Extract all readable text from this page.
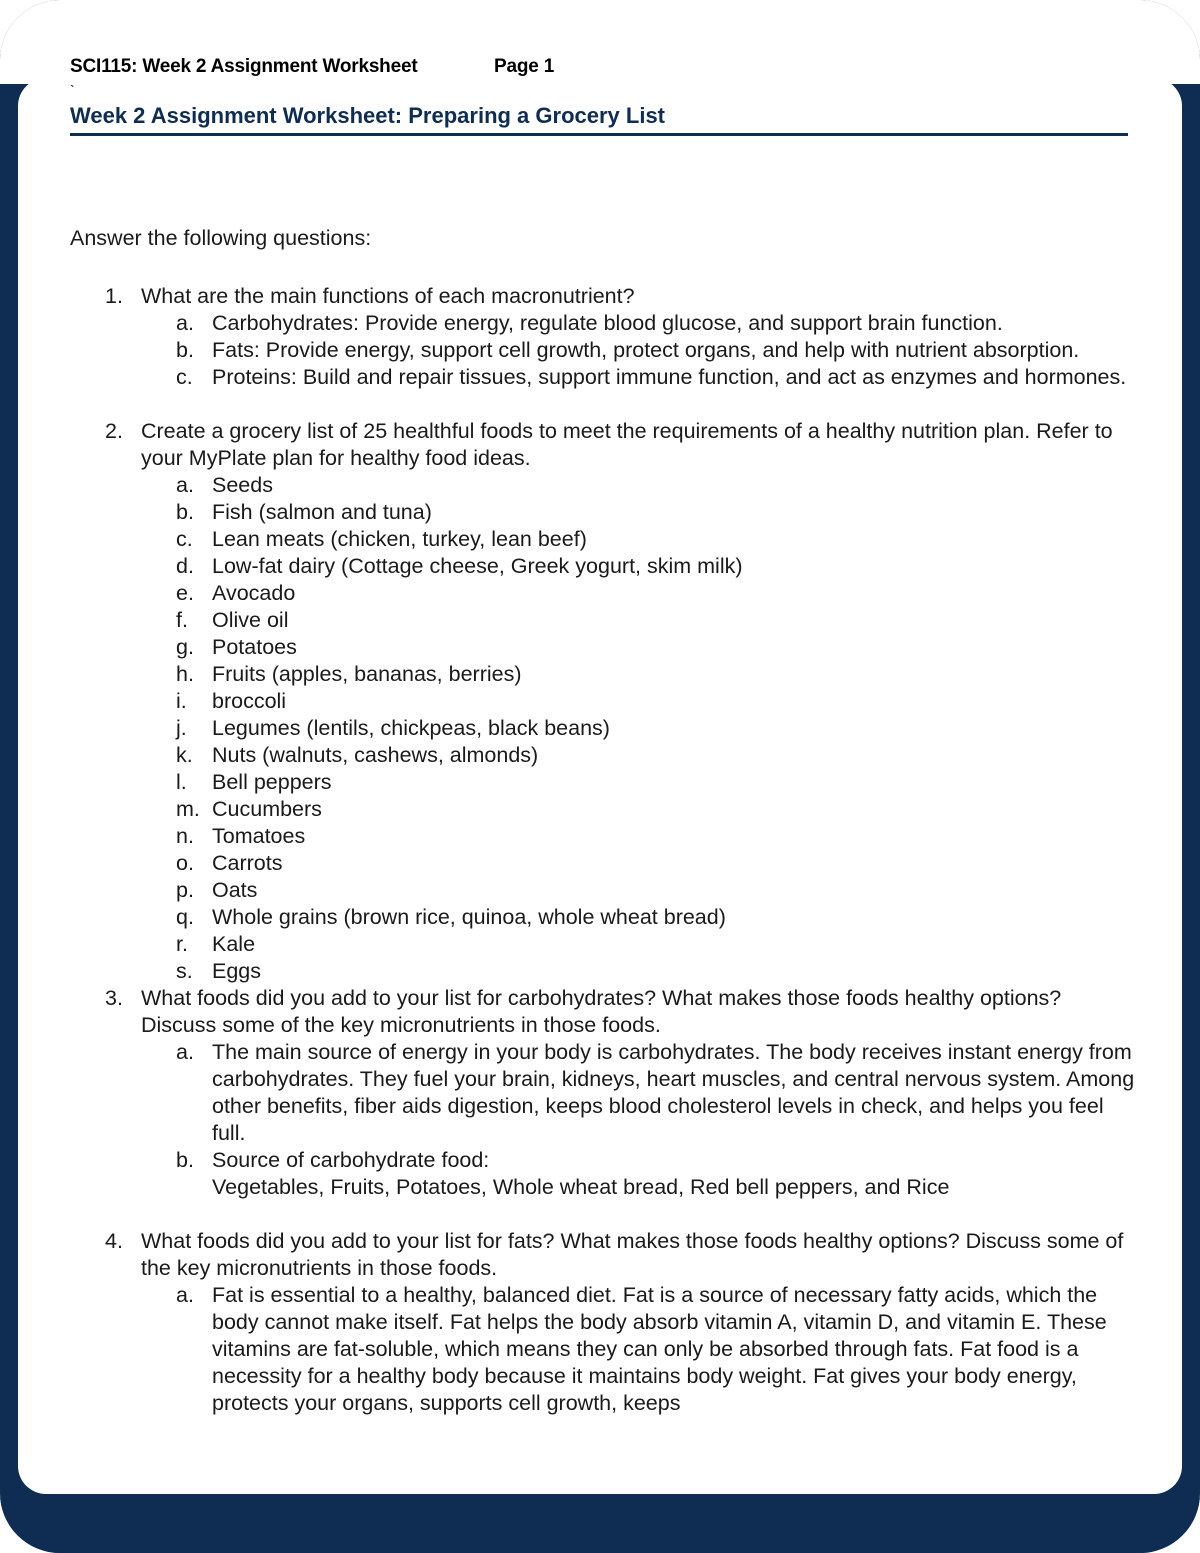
SCI115: Week 2 Assignment Worksheet	Page 1
`
Week 2 Assignment Worksheet: Preparing a Grocery List

Answer the following questions:

1. What are the main functions of each macronutrient?
a. Carbohydrates: Provide energy, regulate blood glucose, and support brain function.
b. Fats: Provide energy, support cell growth, protect organs, and help with nutrient absorption.
c. Proteins: Build and repair tissues, support immune function, and act as enzymes and hormones.
2. Create a grocery list of 25 healthful foods to meet the requirements of a healthy nutrition plan. Refer to your MyPlate plan for healthy food ideas.
a. Seeds
b. Fish (salmon and tuna)
c. Lean meats (chicken, turkey, lean beef)
d. Low-fat dairy (Cottage cheese, Greek yogurt, skim milk)
e. Avocado
f. Olive oil
g. Potatoes
h. Fruits (apples, bananas, berries)
i. broccoli
j. Legumes (lentils, chickpeas, black beans)
k. Nuts (walnuts, cashews, almonds)
l. Bell peppers
m. Cucumbers
n. Tomatoes
o. Carrots
p. Oats
q. Whole grains (brown rice, quinoa, whole wheat bread)
r. Kale
s. Eggs
3. What foods did you add to your list for carbohydrates? What makes those foods healthy options? Discuss some of the key micronutrients in those foods.
a. The main source of energy in your body is carbohydrates. The body receives instant energy from carbohydrates. They fuel your brain, kidneys, heart muscles, and central nervous system. Among other benefits, fiber aids digestion, keeps blood cholesterol levels in check, and helps you feel full.
b. Source of carbohydrate food:
Vegetables, Fruits, Potatoes, Whole wheat bread, Red bell peppers, and Rice
4. What foods did you add to your list for fats? What makes those foods healthy options? Discuss some of the key micronutrients in those foods.
a. Fat is essential to a healthy, balanced diet. Fat is a source of necessary fatty acids, which the body cannot make itself. Fat helps the body absorb vitamin A, vitamin D, and vitamin E. These vitamins are fat-soluble, which means they can only be absorbed through fats. Fat food is a necessity for a healthy body because it maintains body weight. Fat gives your body energy, protects your organs, supports cell growth, keeps
